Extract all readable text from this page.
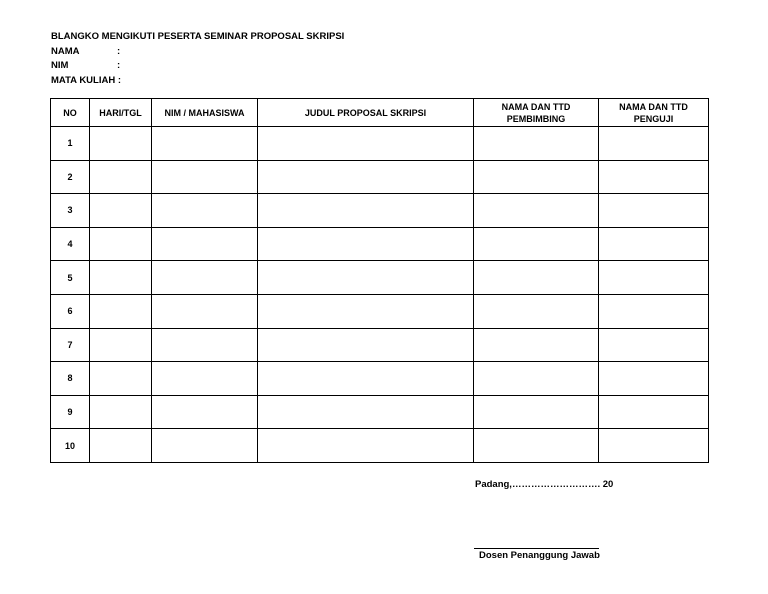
BLANGKO MENGIKUTI PESERTA SEMINAR PROPOSAL SKRIPSI
NAMA	:
NIM	:
MATA KULIAH :
NO	HARI/TGL	NIM / MAHASISWA	JUDUL PROPOSAL SKRIPSI	NAMA DAN TTD PEMBIMBING	NAMA DAN TTD PENGUJI
1					
2					
3					
4					
5					
6					
7					
8					
9					
10					
Padang,………………………. 20
Dosen Penanggung Jawab
